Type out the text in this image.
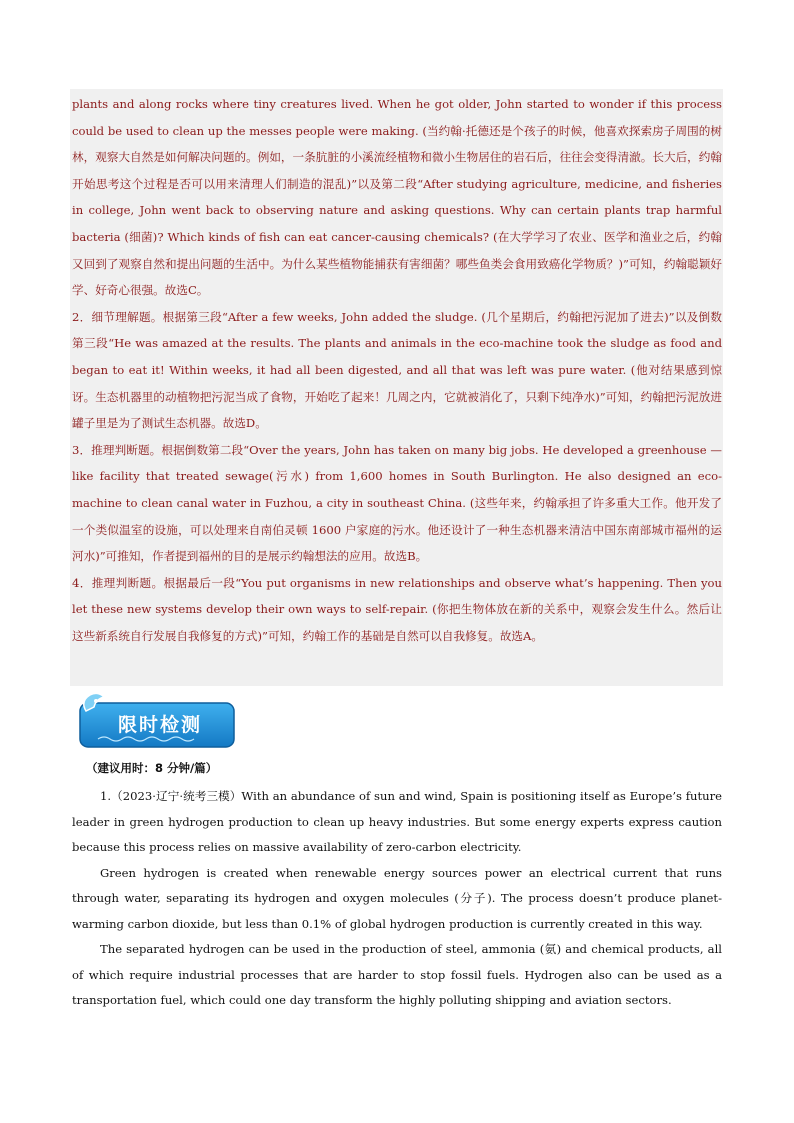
plants and along rocks where tiny creatures lived. When he got older, John started to wonder if this process could be used to clean up the messes people were making. (当约翰·托德还是个孩子的时候，他喜欢探索房子周围的树林，观察大自然是如何解决问题的。例如，一条肮脏的小溪流经植物和微小生物居住的岩石后，往往会变得清澈。长大后，约翰开始思考这个过程是否可以用来清理人们制造的混乱)”以及第二段“After studying agriculture, medicine, and fisheries in college, John went back to observing nature and asking questions. Why can certain plants trap harmful bacteria (细菌)? Which kinds of fish can eat cancer-causing chemicals? (在大学学习了农业、医学和渔业之后，约翰又回到了观察自然和提出问题的生活中。为什么某些植物能捕获有害细菌？哪些鱼类会食用致癌化学物质？)”可知，约翰聪颖好学、好奇心很强。故选C。

2．细节理解题。根据第三段“After a few weeks, John added the sludge. (几个星期后，约翰把污泥加了进去)”以及倒数第三段“He was amazed at the results. The plants and animals in the eco-machine took the sludge as food and began to eat it! Within weeks, it had all been digested, and all that was left was pure water. (他对结果感到惊讶。生态机器里的动植物把污泥当成了食物，开始吃了起来！几周之内，它就被消化了，只剩下纯净水)”可知，约翰把污泥放进罐子里是为了测试生态机器。故选D。

3．推理判断题。根据倒数第二段“Over the years, John has taken on many big jobs. He developed a greenhouse — like facility that treated sewage(污水) from 1,600 homes in South Burlington. He also designed an eco-machine to clean canal water in Fuzhou, a city in southeast China. (这些年来，约翰承担了许多重大工作。他开发了一个类似温室的设施，可以处理来自南伯灵顿 1600 户家庭的污水。他还设计了一种生态机器来清洁中国东南部城市福州的运河水)”可推知，作者提到福州的目的是展示约翰想法的应用。故选B。

4．推理判断题。根据最后一段“You put organisms in new relationships and observe what’s happening. Then you let these new systems develop their own ways to self-repair. (你把生物体放在新的关系中，观察会发生什么。然后让这些新系统自行发展自我修复的方式)”可知，约翰工作的基础是自然可以自我修复。故选A。

限时检测
（建议用时：8 分钟/篇）

1.（2023·辽宁·统考三模）With an abundance of sun and wind, Spain is positioning itself as Europe’s future leader in green hydrogen production to clean up heavy industries. But some energy experts express caution because this process relies on massive availability of zero-carbon electricity.

Green hydrogen is created when renewable energy sources power an electrical current that runs through water, separating its hydrogen and oxygen molecules (分子). The process doesn’t produce planet-warming carbon dioxide, but less than 0.1% of global hydrogen production is currently created in this way.

The separated hydrogen can be used in the production of steel, ammonia (氨) and chemical products, all of which require industrial processes that are harder to stop fossil fuels. Hydrogen also can be used as a transportation fuel, which could one day transform the highly polluting shipping and aviation sectors.
